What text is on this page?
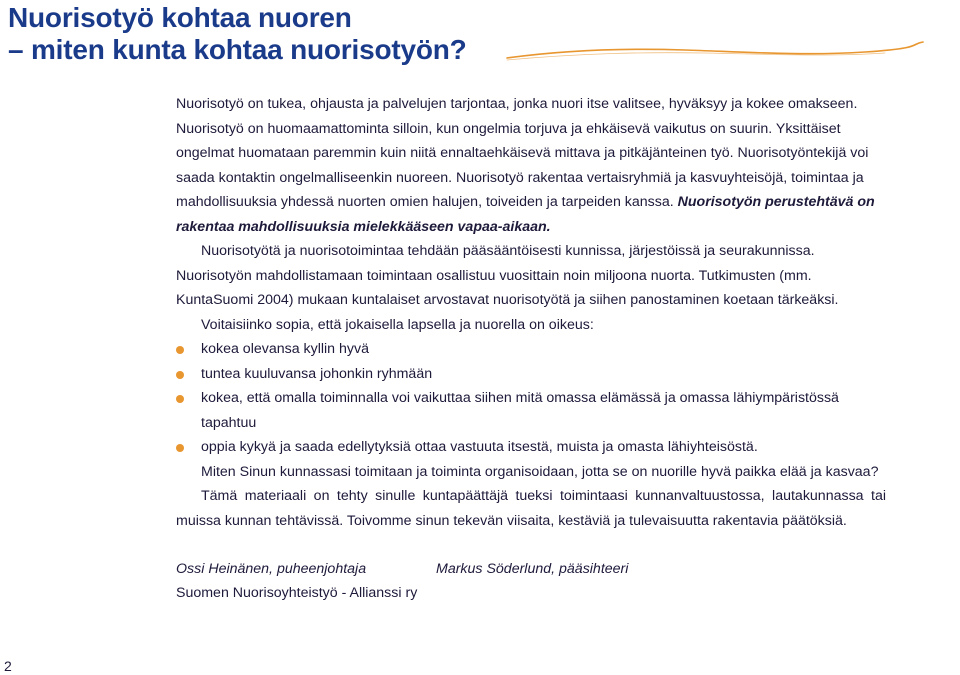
Nuorisotyö kohtaa nuoren
– miten kunta kohtaa nuorisotyön?

Nuorisotyö on tukea, ohjausta ja palvelujen tarjontaa, jonka nuori itse valitsee, hyväksyy ja kokee omakseen. Nuorisotyö on huomaamattominta silloin, kun ongelmia torjuva ja ehkäisevä vaikutus on suurin. Yksittäiset ongelmat huomataan paremmin kuin niitä ennaltaehkäisevä mittava ja pitkäjänteinen työ. Nuorisotyöntekijä voi saada kontaktin ongelmalliseenkin nuoreen. Nuorisotyö rakentaa vertaisryhmiä ja kasvuyhteisöjä, toimintaa ja mahdollisuuksia yhdessä nuorten omien halujen, toiveiden ja tarpeiden kanssa. Nuorisotyön perustehtävä on rakentaa mahdollisuuksia mielekkääseen vapaa-aikaan.

Nuorisotyötä ja nuorisotoimintaa tehdään pääsääntöisesti kunnissa, järjestöissä ja seurakunnissa. Nuorisotyön mahdollistamaan toimintaan osallistuu vuosittain noin miljoona nuorta. Tutkimusten (mm. KuntaSuomi 2004) mukaan kuntalaiset arvostavat nuorisotyötä ja siihen panostaminen koetaan tärkeäksi.

Voitaisiinko sopia, että jokaisella lapsella ja nuorella on oikeus:

kokea olevansa kyllin hyvä
tuntea kuuluvansa johonkin ryhmään
kokea, että omalla toiminnalla voi vaikuttaa siihen mitä omassa elämässä ja omassa lähiympäristössä tapahtuu
oppia kykyä ja saada edellytyksiä ottaa vastuuta itsestä, muista ja omasta lähiyhteisöstä.

Miten Sinun kunnassasi toimitaan ja toiminta organisoidaan, jotta se on nuorille hyvä paikka elää ja kasvaa?

Tämä materiaali on tehty sinulle kuntapäättäjä tueksi toimintaasi kunnanvaltuustossa, lautakunnassa tai muissa kunnan tehtävissä. Toivomme sinun tekevän viisaita, kestäviä ja tulevaisuutta rakentavia päätöksiä.

Ossi Heinänen, puheenjohtaja	Markus Söderlund, pääsihteeri

Suomen Nuorisoyhteistyö - Allianssi ry

2
